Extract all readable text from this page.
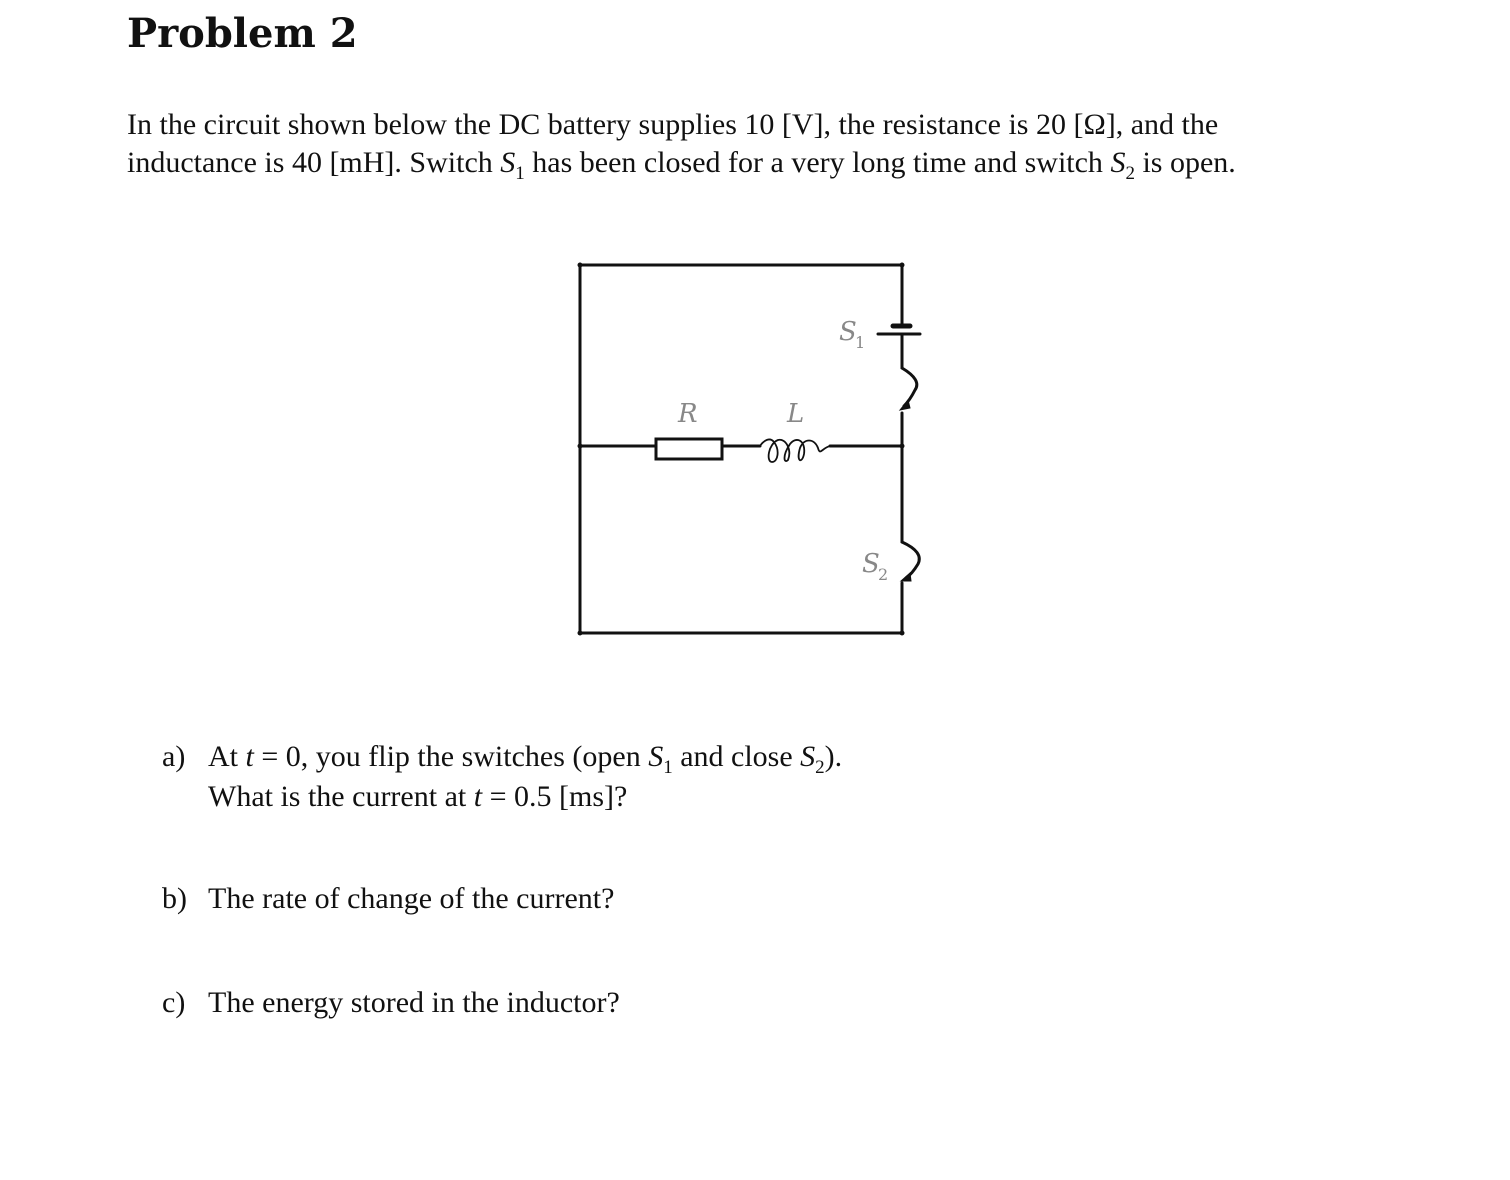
Problem 2

In the circuit shown below the DC battery supplies 10 [V], the resistance is 20 [Ω], and the
inductance is 40 [mH]. Switch $S_1$ has been closed for a very long time and switch $S_2$ is open.

R	L
S
1
S
2
a) At t = 0, you flip the switches (open $S_1$ and close $S_2$).
What is the current at t = 0.5 [ms]?
b) The rate of change of the current?
c) The energy stored in the inductor?
